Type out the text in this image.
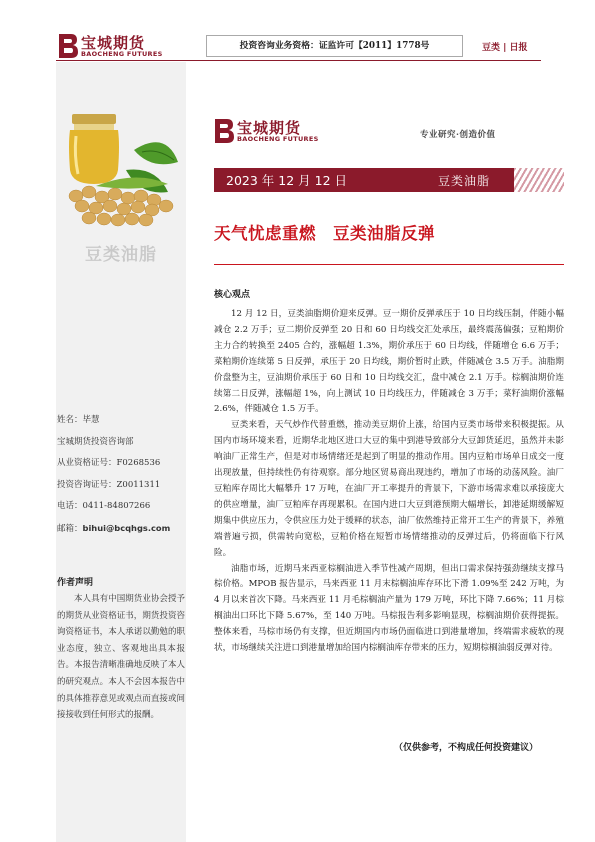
宝城期货
BAOCHENG FUTURES
投资咨询业务资格：证监许可【2011】1778号	豆类 | 日报
豆类油脂
姓名：毕慧
宝城期货投资咨询部
从业资格证号：F0268536
投资咨询证号：Z0011311
电话：0411-84807266
邮箱：bihui@bcqhgs.com
作者声明
本人具有中国期货业协会授予的期货从业资格证书，期货投资咨询资格证书，本人承诺以勤勉的职业态度，独立、客观地出具本报告。本报告清晰准确地反映了本人的研究观点。本人不会因本报告中的具体推荐意见或观点而直接或间接接收到任何形式的报酬。
宝城期货
BAOCHENG FUTURES	专业研究·创造价值
2023 年 12 月 12 日	豆类油脂
天气忧虑重燃　豆类油脂反弹
核心观点

12 月 12 日，豆类油脂期价迎来反弹。豆一期价反弹承压于 10 日均线压制，伴随小幅减仓 2.2 万手；豆二期价反弹至 20 日和 60 日均线交汇处承压，最终震荡偏强；豆粕期价主力合约转换至 2405 合约，涨幅超 1.3%，期价承压于 60 日均线，伴随增仓 6.6 万手；菜粕期价连续第 5 日反弹，承压于 20 日均线，期价暂时止跌，伴随减仓 3.5 万手。油脂期价盘整为主，豆油期价承压于 60 日和 10 日均线交汇，盘中减仓 2.1 万手。棕榈油期价连续第二日反弹，涨幅超 1%，向上测试 10 日均线压力，伴随减仓 3 万手；菜籽油期价涨幅 2.6%，伴随减仓 1.5 万手。

豆类来看，天气炒作代替重燃，推动美豆期价上涨，给国内豆类市场带来积极提振。从国内市场环境来看，近期华北地区进口大豆的集中到港导致部分大豆卸货延迟，虽然并未影响油厂正常生产，但是对市场情绪还是起到了明显的推动作用。国内豆粕市场单日成交一度出现放量，但持续性仍有待观察。部分地区贸易商出现违约，增加了市场的动荡风险。油厂豆粕库存周比大幅攀升 17 万吨，在油厂开工率提升的背景下，下游市场需求难以承接庞大的供应增量，油厂豆粕库存再现累积。在国内进口大豆到港预期大幅增长，卸港延期缓解短期集中供应压力，令供应压力处于缓释的状态，油厂依然维持正常开工生产的背景下，养殖端普遍亏损，供需转向宽松，豆粕价格在短暂市场情绪推动的反弹过后，仍将面临下行风险。

油脂市场，近期马来西亚棕榈油进入季节性减产周期，但出口需求保持强劲继续支撑马棕价格。MPOB 报告显示，马来西亚 11 月末棕榈油库存环比下滑 1.09%至 242 万吨，为 4 月以来首次下降。马来西亚 11 月毛棕榈油产量为 179 万吨，环比下降 7.66%；11 月棕榈油出口环比下降 5.67%，至 140 万吨。马棕报告利多影响显现，棕榈油期价获得提振。整体来看，马棕市场仍有支撑，但近期国内市场仍面临进口到港量增加，终端需求疲软的现状，市场继续关注进口到港量增加给国内棕榈油库存带来的压力，短期棕榈油弱反弹对待。

（仅供参考，不构成任何投资建议）
